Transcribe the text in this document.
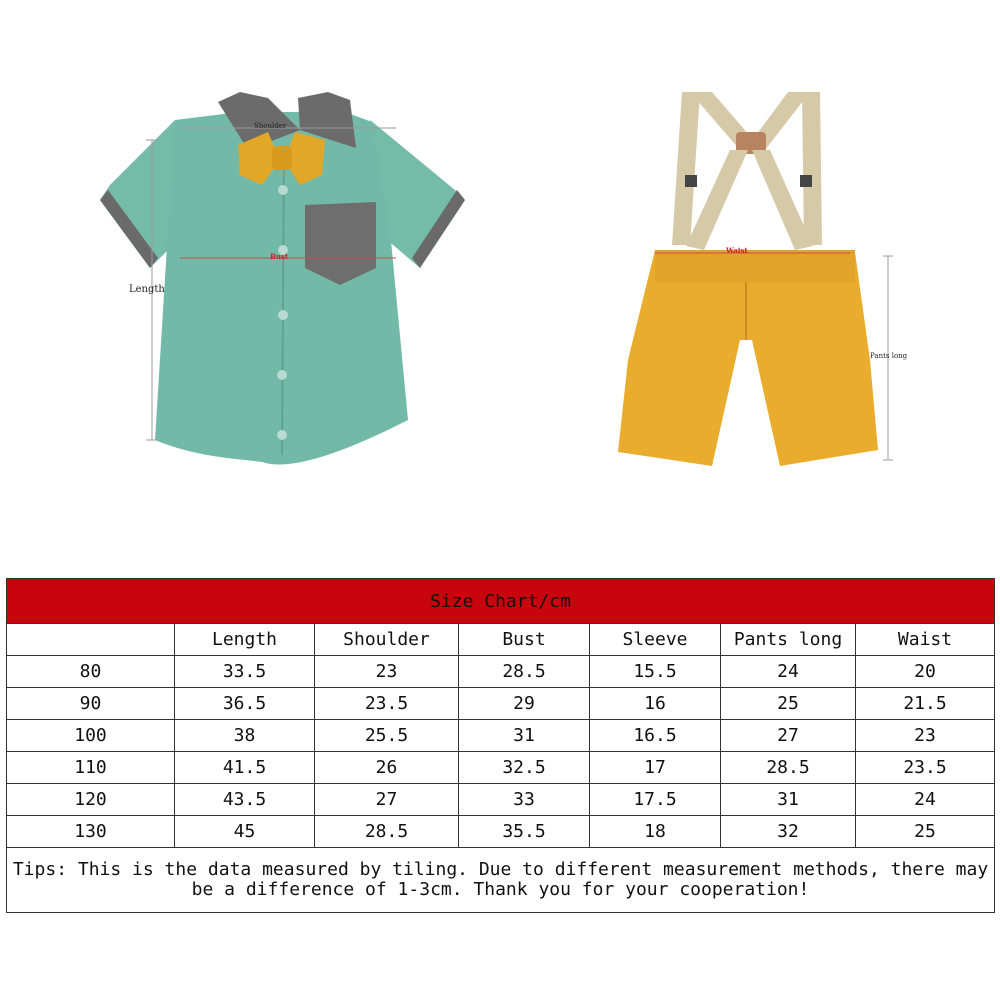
Length
Shoulder
Bust
Waist
Pants long
Size Chart/cm						
	Length	Shoulder	Bust	Sleeve	Pants long	Waist
80	33.5	23	28.5	15.5	24	20
90	36.5	23.5	29	16	25	21.5
100	38	25.5	31	16.5	27	23
110	41.5	26	32.5	17	28.5	23.5
120	43.5	27	33	17.5	31	24
130	45	28.5	35.5	18	32	25
Tips: This is the data measured by tiling. Due to different measurement methods, there may be a difference of 1-3cm. Thank you for your cooperation!						
